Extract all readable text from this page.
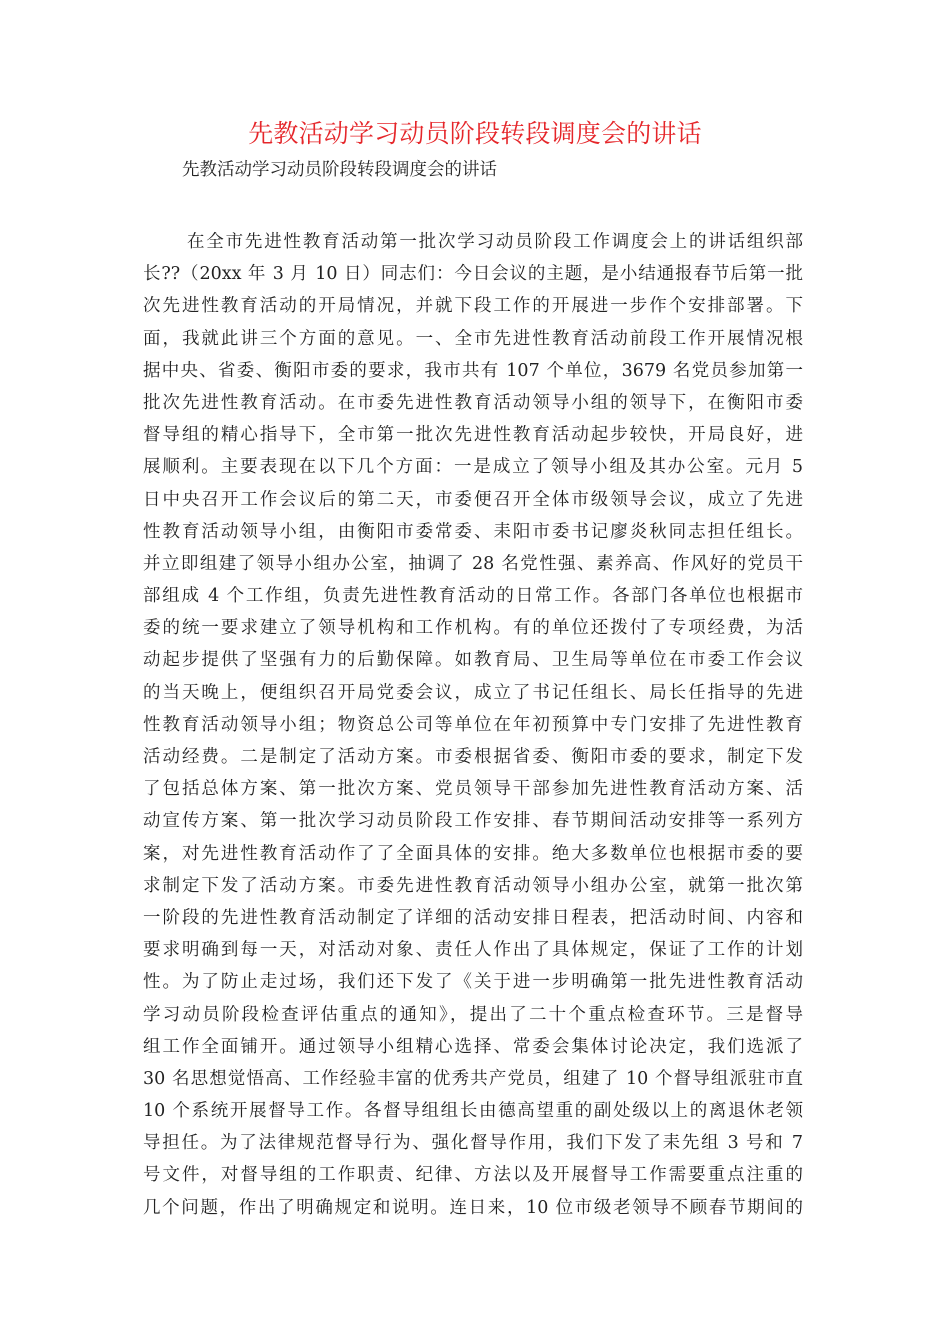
先教活动学习动员阶段转段调度会的讲话
先教活动学习动员阶段转段调度会的讲话
在全市先进性教育活动第一批次学习动员阶段工作调度会上的讲话组织部
长??（20xx 年 3 月 10 日）同志们：今日会议的主题，是小结通报春节后第一批
次先进性教育活动的开局情况，并就下段工作的开展进一步作个安排部署。下
面，我就此讲三个方面的意见。一、全市先进性教育活动前段工作开展情况根
据中央、省委、衡阳市委的要求，我市共有 107 个单位，3679 名党员参加第一
批次先进性教育活动。在市委先进性教育活动领导小组的领导下，在衡阳市委
督导组的精心指导下，全市第一批次先进性教育活动起步较快，开局良好，进
展顺利。主要表现在以下几个方面：一是成立了领导小组及其办公室。元月 5
日中央召开工作会议后的第二天，市委便召开全体市级领导会议，成立了先进
性教育活动领导小组，由衡阳市委常委、耒阳市委书记廖炎秋同志担任组长。
并立即组建了领导小组办公室，抽调了 28 名党性强、素养高、作风好的党员干
部组成 4 个工作组，负责先进性教育活动的日常工作。各部门各单位也根据市
委的统一要求建立了领导机构和工作机构。有的单位还拨付了专项经费，为活
动起步提供了坚强有力的后勤保障。如教育局、卫生局等单位在市委工作会议
的当天晚上，便组织召开局党委会议，成立了书记任组长、局长任指导的先进
性教育活动领导小组；物资总公司等单位在年初预算中专门安排了先进性教育
活动经费。二是制定了活动方案。市委根据省委、衡阳市委的要求，制定下发
了包括总体方案、第一批次方案、党员领导干部参加先进性教育活动方案、活
动宣传方案、第一批次学习动员阶段工作安排、春节期间活动安排等一系列方
案，对先进性教育活动作了了全面具体的安排。绝大多数单位也根据市委的要
求制定下发了活动方案。市委先进性教育活动领导小组办公室，就第一批次第
一阶段的先进性教育活动制定了详细的活动安排日程表，把活动时间、内容和
要求明确到每一天，对活动对象、责任人作出了具体规定，保证了工作的计划
性。为了防止走过场，我们还下发了《关于进一步明确第一批先进性教育活动
学习动员阶段检查评估重点的通知》，提出了二十个重点检查环节。三是督导
组工作全面铺开。通过领导小组精心选择、常委会集体讨论决定，我们选派了
30 名思想觉悟高、工作经验丰富的优秀共产党员，组建了 10 个督导组派驻市直
10 个系统开展督导工作。各督导组组长由德高望重的副处级以上的离退休老领
导担任。为了法律规范督导行为、强化督导作用，我们下发了耒先组 3 号和 7
号文件，对督导组的工作职责、纪律、方法以及开展督导工作需要重点注重的
几个问题，作出了明确规定和说明。连日来，10 位市级老领导不顾春节期间的
